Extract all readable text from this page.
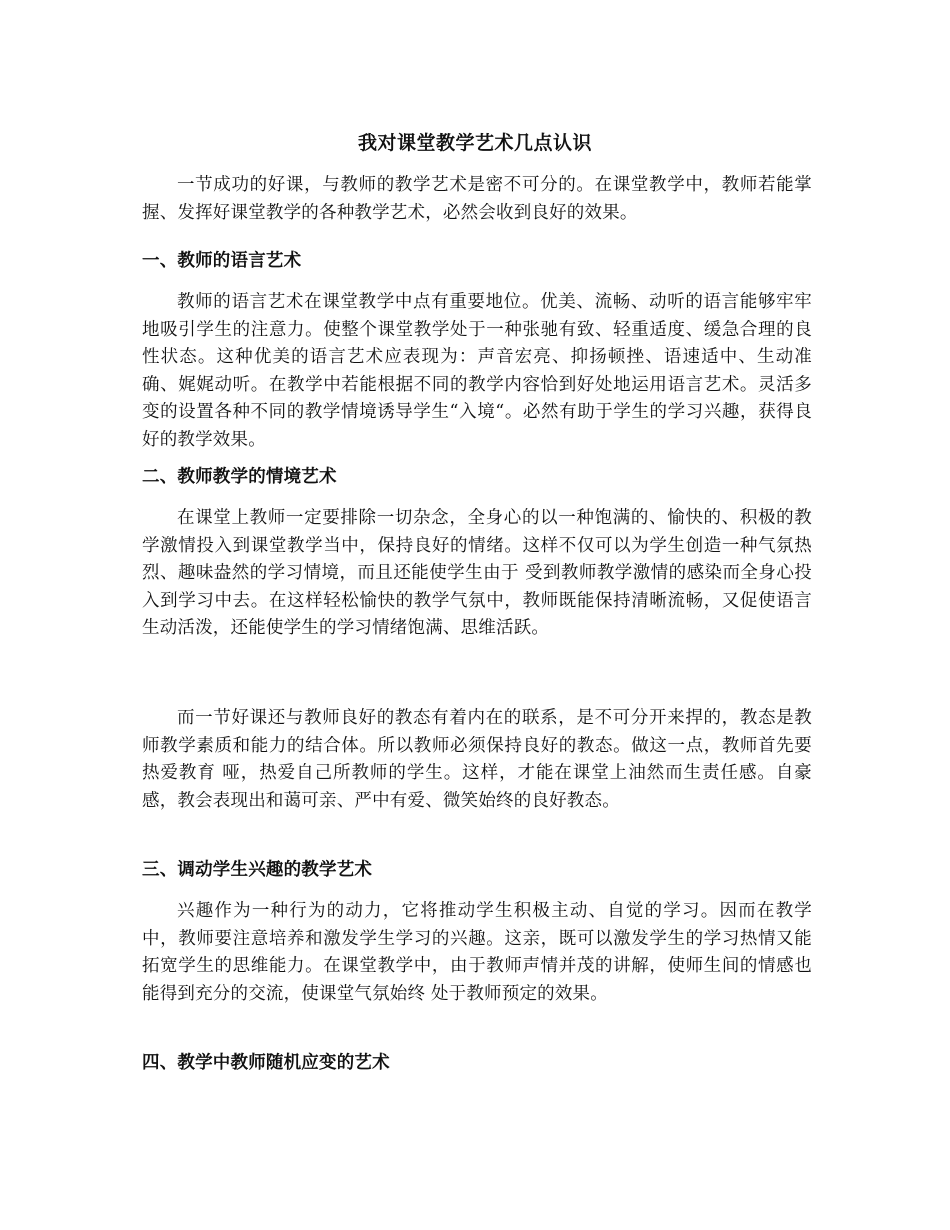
我对课堂教学艺术几点认识

一节成功的好课，与教师的教学艺术是密不可分的。在课堂教学中，教师若能掌握、发挥好课堂教学的各种教学艺术，必然会收到良好的效果。

一、教师的语言艺术

教师的语言艺术在课堂教学中点有重要地位。优美、流畅、动听的语言能够牢牢地吸引学生的注意力。使整个课堂教学处于一种张驰有致、轻重适度、缓急合理的良性状态。这种优美的语言艺术应表现为：声音宏亮、抑扬顿挫、语速适中、生动准确、娓娓动听。在教学中若能根据不同的教学内容恰到好处地运用语言艺术。灵活多变的设置各种不同的教学情境诱导学生“入境“。必然有助于学生的学习兴趣，获得良好的教学效果。

二、教师教学的情境艺术

在课堂上教师一定要排除一切杂念，全身心的以一种饱满的、愉快的、积极的教学激情投入到课堂教学当中，保持良好的情绪。这样不仅可以为学生创造一种气氛热烈、趣味盎然的学习情境，而且还能使学生由于 受到教师教学激情的感染而全身心投入到学习中去。在这样轻松愉快的教学气氛中，教师既能保持清晰流畅，又促使语言生动活泼，还能使学生的学习情绪饱满、思维活跃。

而一节好课还与教师良好的教态有着内在的联系，是不可分开来捍的，教态是教师教学素质和能力的结合体。所以教师必须保持良好的教态。做这一点，教师首先要热爱教育 哑，热爱自己所教师的学生。这样，才能在课堂上油然而生责任感。自豪感，教会表现出和蔼可亲、严中有爱、微笑始终的良好教态。

三、调动学生兴趣的教学艺术

兴趣作为一种行为的动力，它将推动学生积极主动、自觉的学习。因而在教学中，教师要注意培养和激发学生学习的兴趣。这亲，既可以激发学生的学习热情又能拓宽学生的思维能力。在课堂教学中，由于教师声情并茂的讲解，使师生间的情感也能得到充分的交流，使课堂气氛始终 处于教师预定的效果。

四、教学中教师随机应变的艺术
